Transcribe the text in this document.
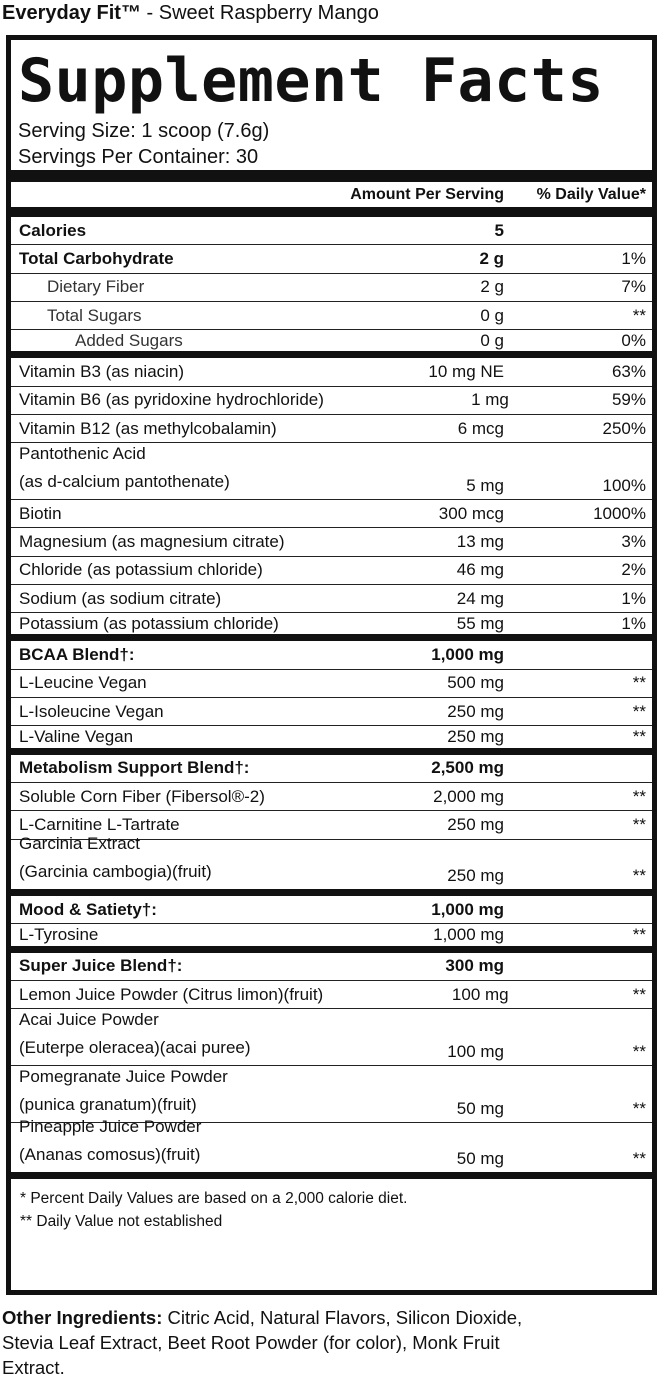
Everyday Fit™ - Sweet Raspberry Mango
Supplement Facts
Serving Size: 1 scoop (7.6g)
Servings Per Container: 30
Amount Per Serving	% Daily Value*
Calories	5
Total Carbohydrate	2 g	1%
Dietary Fiber	2 g	7%
Total Sugars	0 g	**
Added Sugars	0 g	0%
Vitamin B3 (as niacin)	10 mg NE	63%
Vitamin B6 (as pyridoxine hydrochloride)	1 mg	59%
Vitamin B12 (as methylcobalamin)	6 mcg	250%
Pantothenic Acid
(as d-calcium pantothenate)	5 mg	100%
Biotin	300 mcg	1000%
Magnesium (as magnesium citrate)	13 mg	3%
Chloride (as potassium chloride)	46 mg	2%
Sodium (as sodium citrate)	24 mg	1%
Potassium (as potassium chloride)	55 mg	1%
BCAA Blend†:	1,000 mg
L-Leucine Vegan	500 mg	**
L-Isoleucine Vegan	250 mg	**
L-Valine Vegan	250 mg	**
Metabolism Support Blend†:	2,500 mg
Soluble Corn Fiber (Fibersol®-2)	2,000 mg	**
L-Carnitine L-Tartrate	250 mg	**
Garcinia Extract
(Garcinia cambogia)(fruit)	250 mg	**
Mood & Satiety†:	1,000 mg
L-Tyrosine	1,000 mg	**
Super Juice Blend†:	300 mg
Lemon Juice Powder (Citrus limon)(fruit)	100 mg	**
Acai Juice Powder
(Euterpe oleracea)(acai puree)	100 mg	**
Pomegranate Juice Powder
(punica granatum)(fruit)	50 mg	**
Pineapple Juice Powder
(Ananas comosus)(fruit)	50 mg	**
* Percent Daily Values are based on a 2,000 calorie diet.
** Daily Value not established
Other Ingredients: Citric Acid, Natural Flavors, Silicon Dioxide, Stevia Leaf Extract, Beet Root Powder (for color), Monk Fruit Extract.
